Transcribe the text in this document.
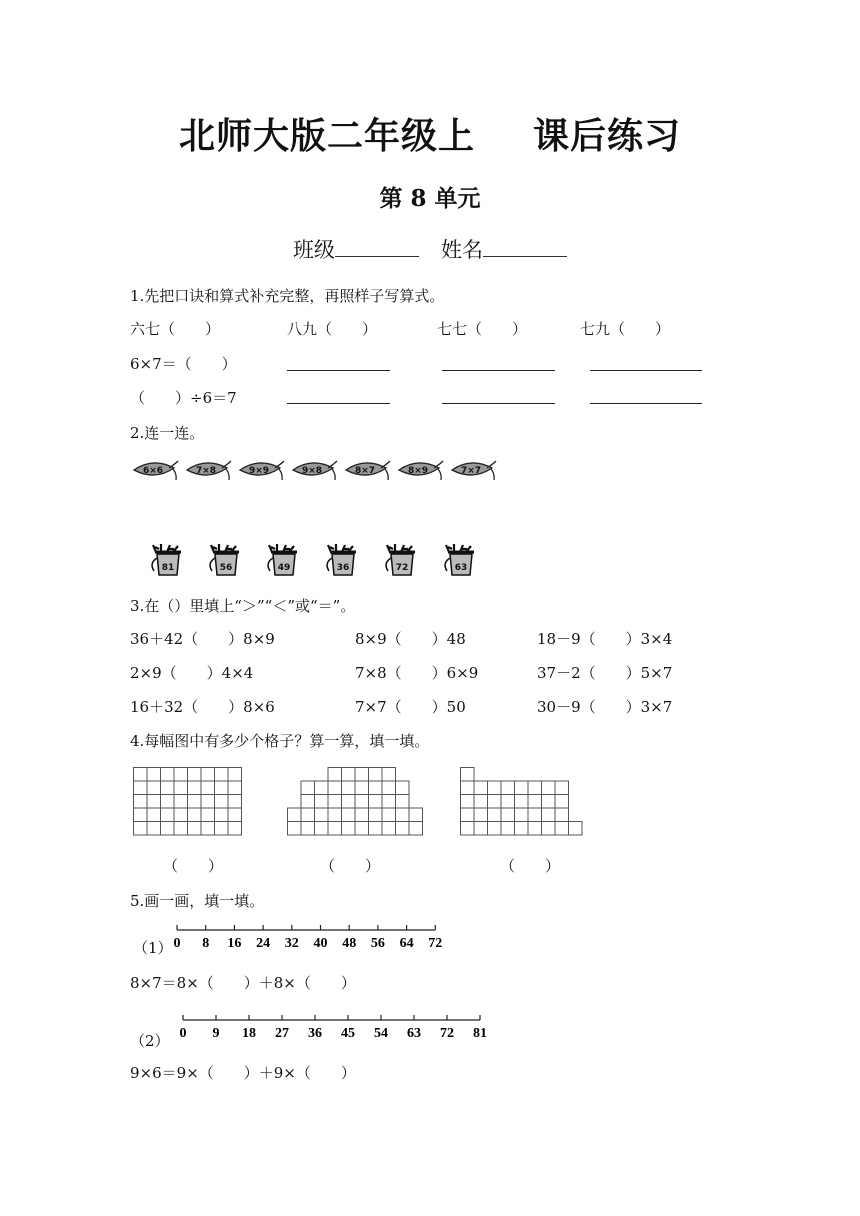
北师大版二年级上 课后练习
第 8 单元
班级	姓名
1.先把口诀和算式补充完整，再照样子写算式。
六七（　　）	八九（　　）	七七（　　）	七九（　　）
6×7＝（　　）
（　　）÷6＝7
2.连一连。
6×6	7×8	9×9	9×8	8×7	8×9	7×7
81	56	49	36	72	63
3.在（）里填上“＞”“＜”或“＝”。
36＋42（　　）8×9	8×9（　　）48	18－9（　　）3×4
2×9（　　）4×4	7×8（　　）6×9	37－2（　　）5×7
16＋32（　　）8×6	7×7（　　）50	30－9（　　）3×7
4.每幅图中有多少个格子？算一算，填一填。
（　　）	（　　）	（　　）
5.画一画，填一填。
（1） 0 8 16 24 32 40 48 56 64 72
8×7＝8×（　　）＋8×（　　）
（2） 0 9 18 27 36 45 54 63 72 81
9×6＝9×（　　）＋9×（　　）
